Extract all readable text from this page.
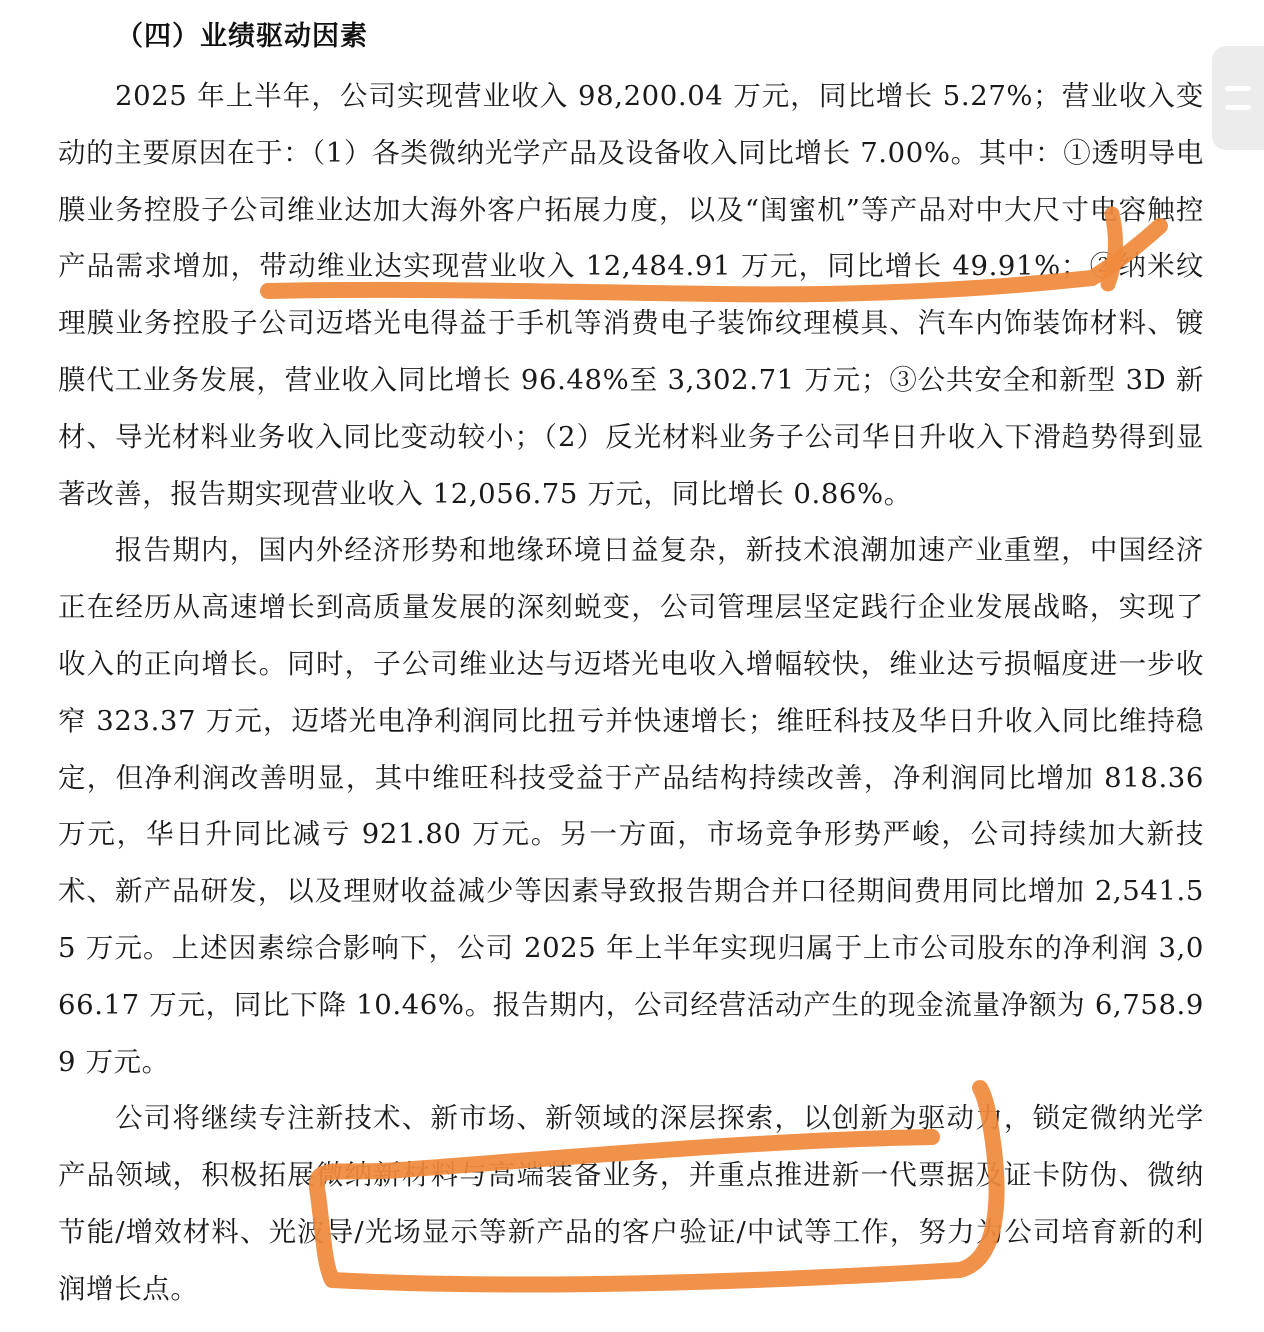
（四）业绩驱动因素

2025 年上半年，公司实现营业收入 98,200.04 万元，同比增长 5.27%；营业收入变动的主要原因在于：（1）各类微纳光学产品及设备收入同比增长 7.00%。其中：①透明导电膜业务控股子公司维业达加大海外客户拓展力度，以及“闺蜜机”等产品对中大尺寸电容触控产品需求增加，带动维业达实现营业收入 12,484.91 万元，同比增长 49.91%；②纳米纹理膜业务控股子公司迈塔光电得益于手机等消费电子装饰纹理模具、汽车内饰装饰材料、镀膜代工业务发展，营业收入同比增长 96.48%至 3,302.71 万元；③公共安全和新型 3D 新材、导光材料业务收入同比变动较小；（2）反光材料业务子公司华日升收入下滑趋势得到显著改善，报告期实现营业收入 12,056.75 万元，同比增长 0.86%。

报告期内，国内外经济形势和地缘环境日益复杂，新技术浪潮加速产业重塑，中国经济正在经历从高速增长到高质量发展的深刻蜕变，公司管理层坚定践行企业发展战略，实现了收入的正向增长。同时，子公司维业达与迈塔光电收入增幅较快，维业达亏损幅度进一步收窄 323.37 万元，迈塔光电净利润同比扭亏并快速增长；维旺科技及华日升收入同比维持稳定，但净利润改善明显，其中维旺科技受益于产品结构持续改善，净利润同比增加 818.36 万元，华日升同比减亏 921.80 万元。另一方面，市场竞争形势严峻，公司持续加大新技术、新产品研发，以及理财收益减少等因素导致报告期合并口径期间费用同比增加 2,541.55 万元。上述因素综合影响下，公司 2025 年上半年实现归属于上市公司股东的净利润 3,066.17 万元，同比下降 10.46%。报告期内，公司经营活动产生的现金流量净额为 6,758.99 万元。

公司将继续专注新技术、新市场、新领域的深层探索，以创新为驱动力，锁定微纳光学产品领域，积极拓展微纳新材料与高端装备业务，并重点推进新一代票据及证卡防伪、微纳节能/增效材料、光波导/光场显示等新产品的客户验证/中试等工作，努力为公司培育新的利润增长点。
